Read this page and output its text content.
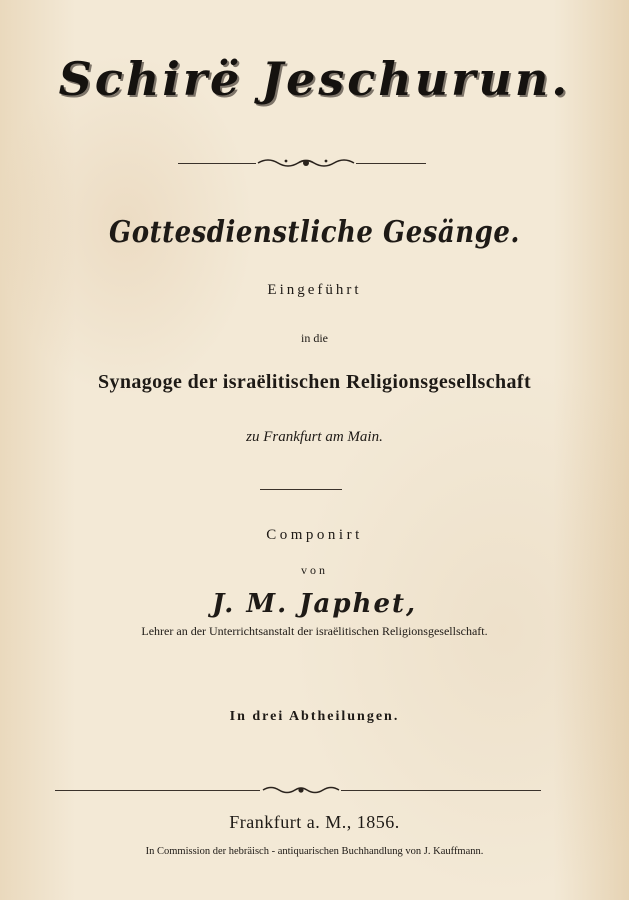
Schirë Jeschurun.
Gottesdienstliche Gesänge.
Eingeführt
in die
Synagoge der israëlitischen Religionsgesellschaft
zu Frankfurt am Main.
Componirt
von
J. M. Japhet,
Lehrer an der Unterrichtsanstalt der israëlitischen Religionsgesellschaft.
In drei Abtheilungen.
Frankfurt a. M., 1856.
In Commission der hebräisch - antiquarischen Buchhandlung von J. Kauffmann.
